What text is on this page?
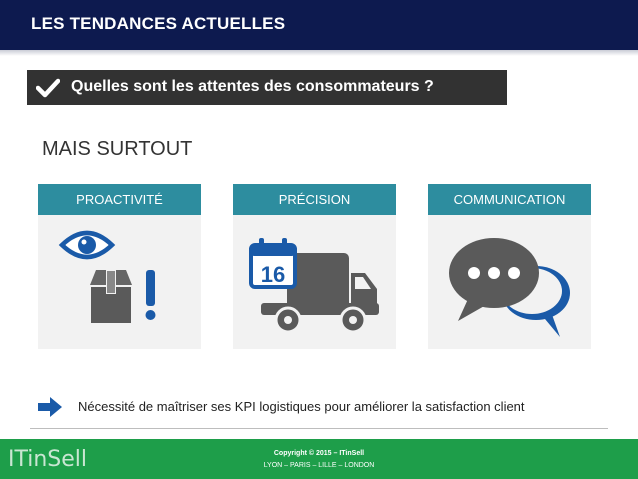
LES TENDANCES ACTUELLES
Quelles sont les attentes des consommateurs ?
MAIS SURTOUT
PROACTIVITÉ	PRÉCISION
16
COMMUNICATION
Nécessité de maîtriser ses KPI logistiques pour améliorer la satisfaction client
ITinSell	Copyright © 2015 – ITinSell
LYON – PARIS – LILLE – LONDON
